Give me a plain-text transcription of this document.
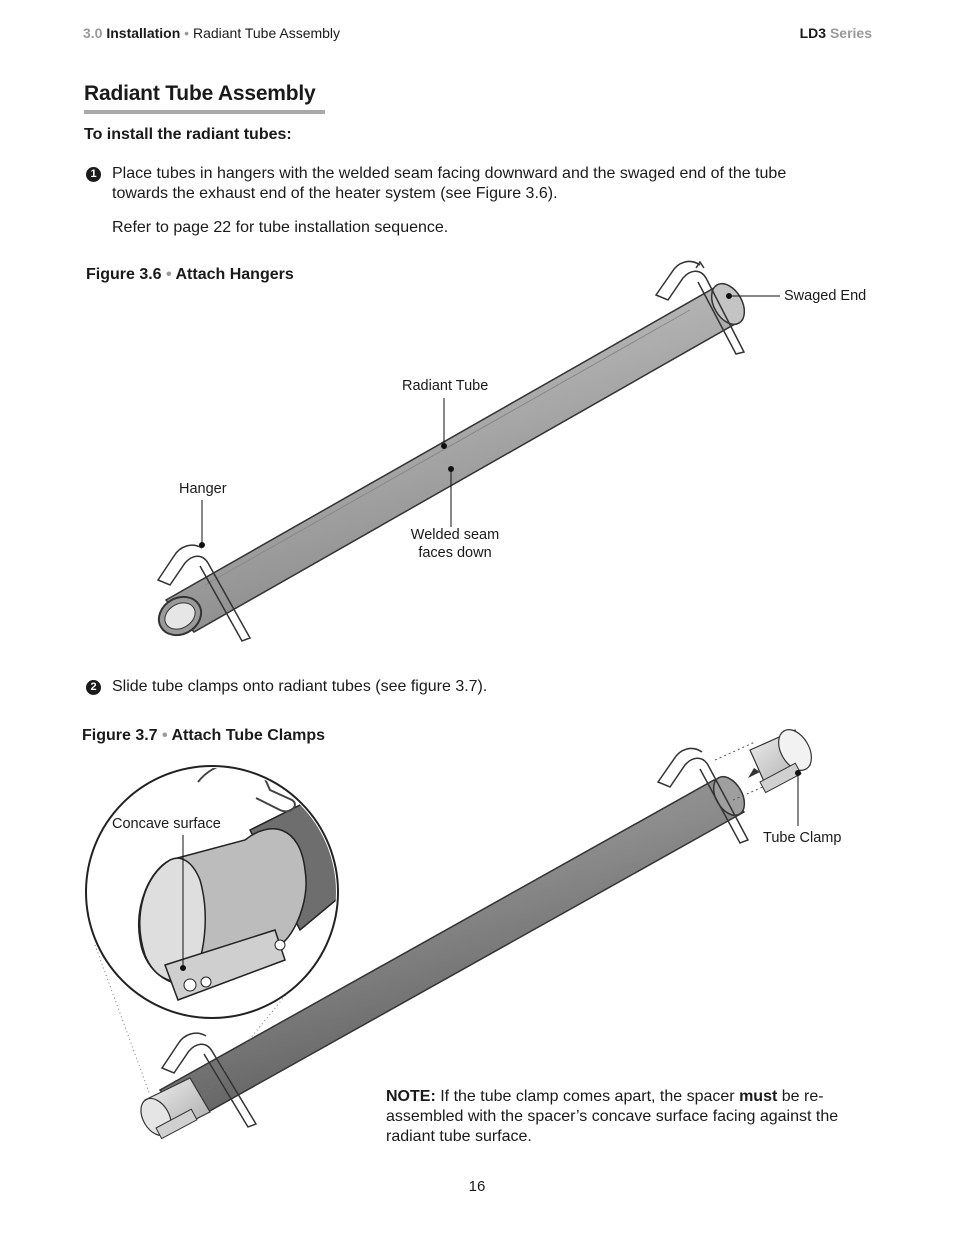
3.0 Installation • Radiant Tube Assembly	LD3 Series
Radiant Tube Assembly
To install the radiant tubes:
1 Place tubes in hangers with the welded seam facing downward and the swaged end of the tube
towards the exhaust end of the heater system (see Figure 3.6).
Refer to page 22 for tube installation sequence.
Figure 3.6 • Attach Hangers
Swaged End
Radiant Tube
Hanger
Welded seam
faces down
2 Slide tube clamps onto radiant tubes (see figure 3.7).
Figure 3.7 • Attach Tube Clamps
Concave surface
Tube Clamp
NOTE: If the tube clamp comes apart, the spacer must be re-assembled with the spacer’s concave surface facing against the radiant tube surface.
16
